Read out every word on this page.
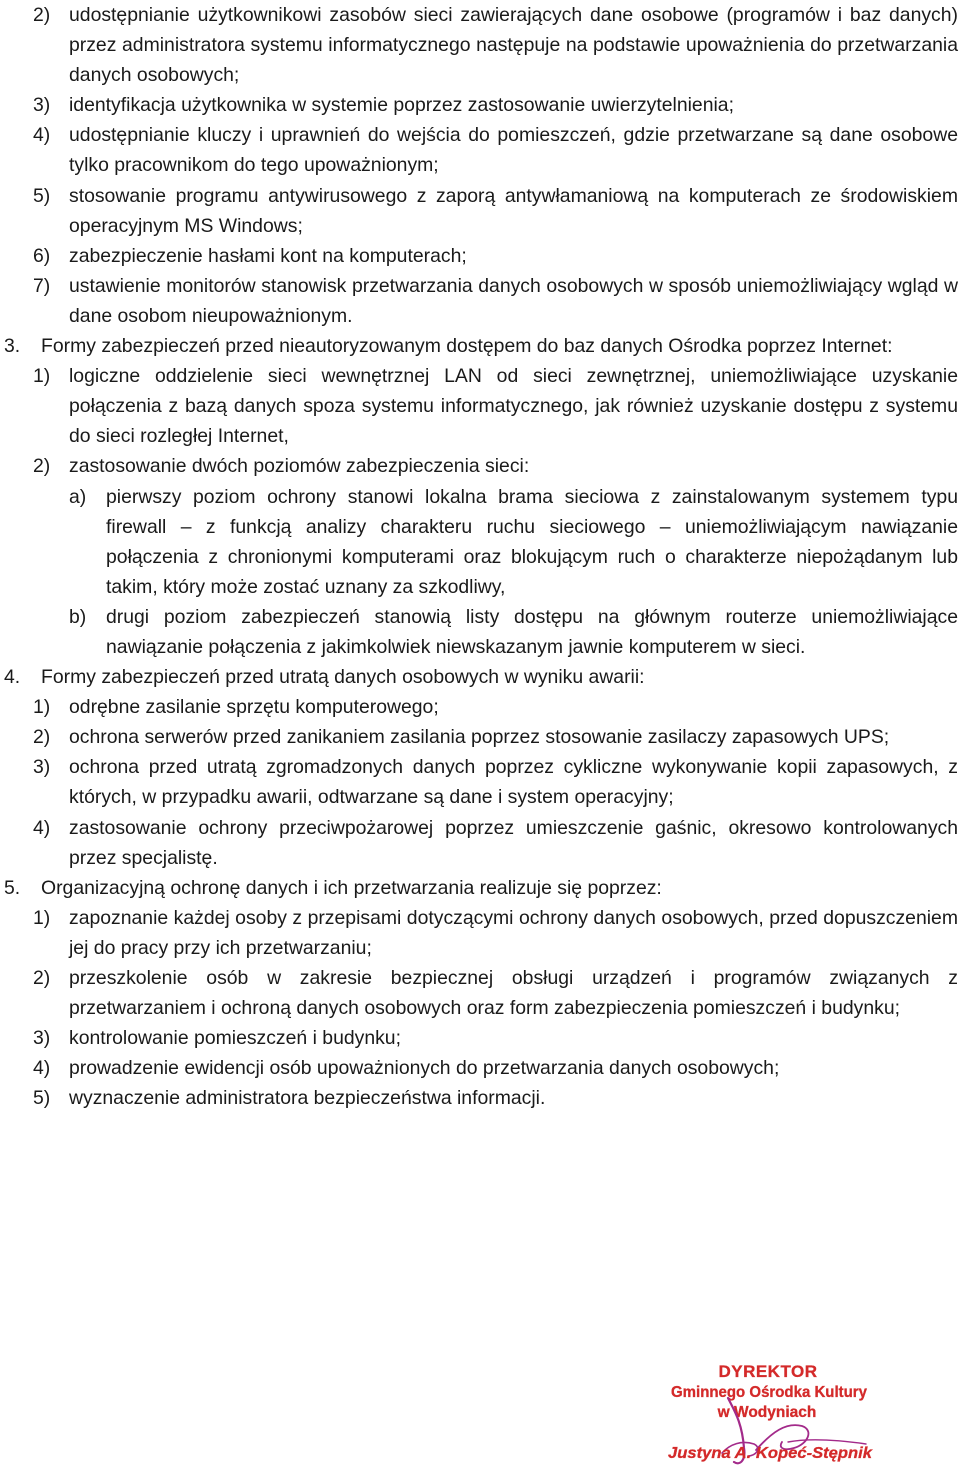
2) udostępnianie użytkownikowi zasobów sieci zawierających dane osobowe (programów i baz danych) przez administratora systemu informatycznego następuje na podstawie upoważnienia do przetwarzania danych osobowych;
3) identyfikacja użytkownika w systemie poprzez zastosowanie uwierzytelnienia;
4) udostępnianie kluczy i uprawnień do wejścia do pomieszczeń, gdzie przetwarzane są dane osobowe tylko pracownikom do tego upoważnionym;
5) stosowanie programu antywirusowego z zaporą antywłamaniową na komputerach ze środowiskiem operacyjnym MS Windows;
6) zabezpieczenie hasłami kont na komputerach;
7) ustawienie monitorów stanowisk przetwarzania danych osobowych w sposób uniemożliwiający wgląd w dane osobom nieupoważnionym.
3. Formy zabezpieczeń przed nieautoryzowanym dostępem do baz danych Ośrodka poprzez Internet:
1) logiczne oddzielenie sieci wewnętrznej LAN od sieci zewnętrznej, uniemożliwiające uzyskanie połączenia z bazą danych spoza systemu informatycznego, jak również uzyskanie dostępu z systemu do sieci rozległej Internet,
2) zastosowanie dwóch poziomów zabezpieczenia sieci:
a) pierwszy poziom ochrony stanowi lokalna brama sieciowa z zainstalowanym systemem typu firewall – z funkcją analizy charakteru ruchu sieciowego – uniemożliwiającym nawiązanie połączenia z chronionymi komputerami oraz blokującym ruch o charakterze niepożądanym lub takim, który może zostać uznany za szkodliwy,
b) drugi poziom zabezpieczeń stanowią listy dostępu na głównym routerze uniemożliwiające nawiązanie połączenia z jakimkolwiek niewskazanym jawnie komputerem w sieci.
4. Formy zabezpieczeń przed utratą danych osobowych w wyniku awarii:
1) odrębne zasilanie sprzętu komputerowego;
2) ochrona serwerów przed zanikaniem zasilania poprzez stosowanie zasilaczy zapasowych UPS;
3) ochrona przed utratą zgromadzonych danych poprzez cykliczne wykonywanie kopii zapasowych, z których, w przypadku awarii, odtwarzane są dane i system operacyjny;
4) zastosowanie ochrony przeciwpożarowej poprzez umieszczenie gaśnic, okresowo kontrolowanych przez specjalistę.
5. Organizacyjną ochronę danych i ich przetwarzania realizuje się poprzez:
1) zapoznanie każdej osoby z przepisami dotyczącymi ochrony danych osobowych, przed dopuszczeniem jej do pracy przy ich przetwarzaniu;
2) przeszkolenie osób w zakresie bezpiecznej obsługi urządzeń i programów związanych z przetwarzaniem i ochroną danych osobowych oraz form zabezpieczenia pomieszczeń i budynku;
3) kontrolowanie pomieszczeń i budynku;
4) prowadzenie ewidencji osób upoważnionych do przetwarzania danych osobowych;
5) wyznaczenie administratora bezpieczeństwa informacji.
DYREKTOR
Gminnego Ośrodka Kultury
w Wodyniach
Justyna A. Kopeć-Stępnik
